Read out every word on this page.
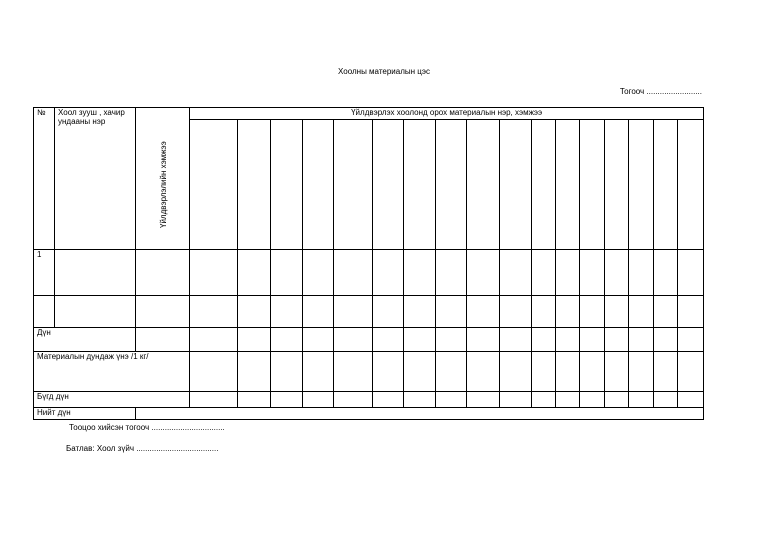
Хоолны материалын цэс
Тогооч .........................
№	Хоол зууш , хачир ундааны нэр	Үйлдвэрлэлийн хэмжээ	Үйлдвэрлэх хоолонд орох материалын нэр, хэмжээ																

1																			

Дүн																			
Материалын дундаж үнэ /1 кг/																			
Бүгд дүн																			
Нийт дүн																			
Тооцоо хийсэн тогооч .................................
Батлав: Хоол зүйч .....................................
